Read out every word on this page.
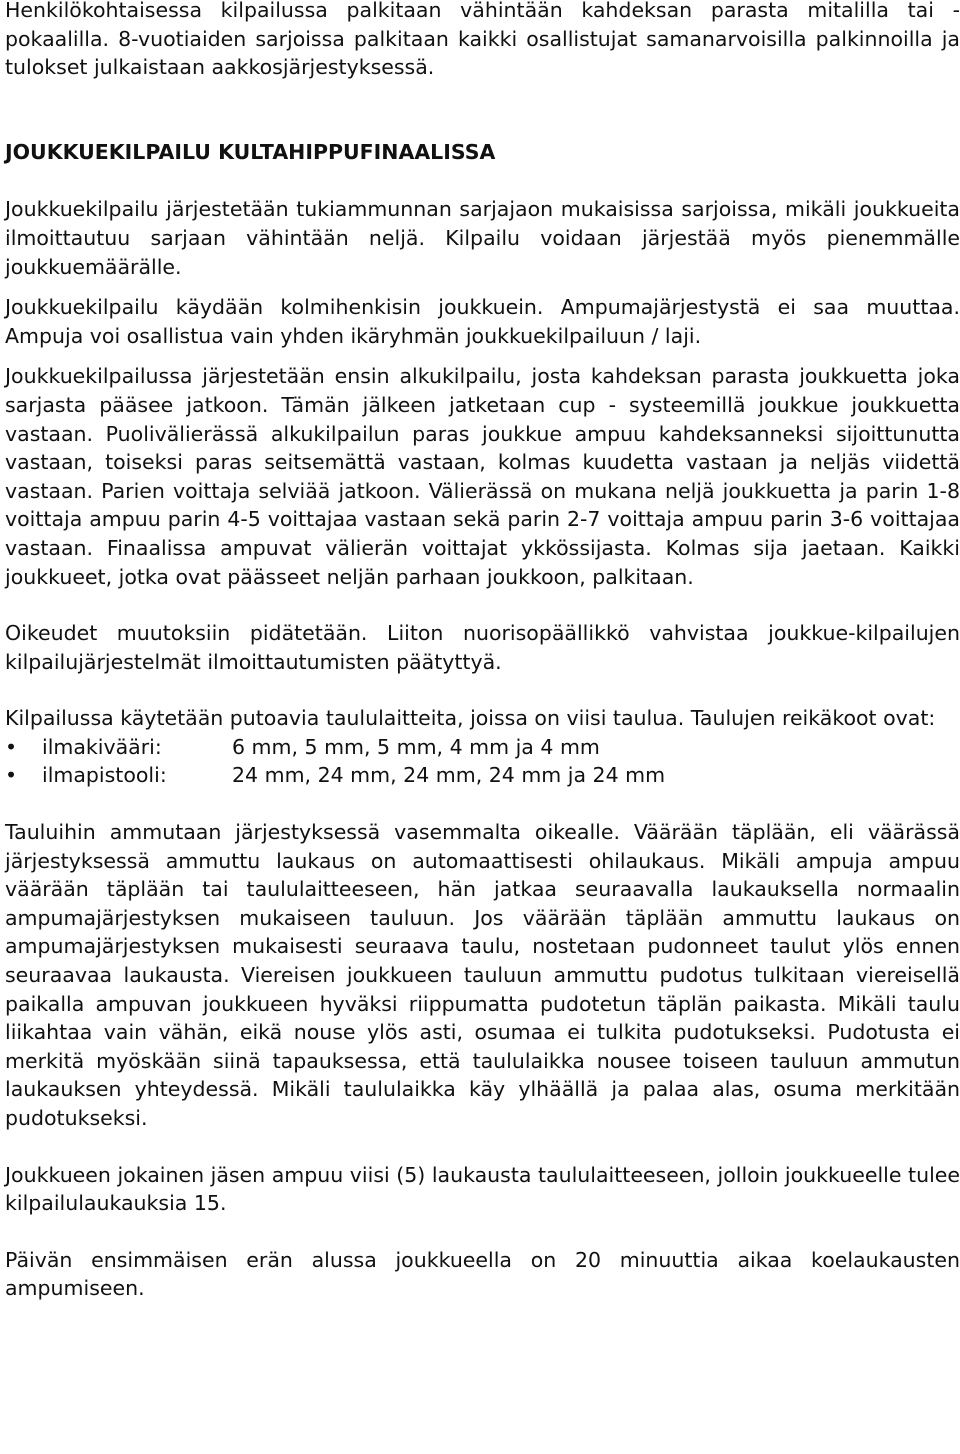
Henkilökohtaisessa kilpailussa palkitaan vähintään kahdeksan parasta mitalilla tai -pokaalilla. 8-vuotiaiden sarjoissa palkitaan kaikki osallistujat samanarvoisilla palkinnoilla ja tulokset julkaistaan aakkosjärjestyksessä.

JOUKKUEKILPAILU KULTAHIPPUFINAALISSA

Joukkuekilpailu järjestetään tukiammunnan sarjajaon mukaisissa sarjoissa, mikäli joukkueita ilmoittautuu sarjaan vähintään neljä. Kilpailu voidaan järjestää myös pienemmälle joukkuemäärälle.

Joukkuekilpailu käydään kolmihenkisin joukkuein. Ampumajärjestystä ei saa muuttaa. Ampuja voi osallistua vain yhden ikäryhmän joukkuekilpailuun / laji.

Joukkuekilpailussa järjestetään ensin alkukilpailu, josta kahdeksan parasta joukkuetta joka sarjasta pääsee jatkoon. Tämän jälkeen jatketaan cup - systeemillä joukkue joukkuetta vastaan. Puolivälierässä alkukilpailun paras joukkue ampuu kahdeksanneksi sijoittunutta vastaan, toiseksi paras seitsemättä vastaan, kolmas kuudetta vastaan ja neljäs viidettä vastaan. Parien voittaja selviää jatkoon. Välierässä on mukana neljä joukkuetta ja parin 1-8 voittaja ampuu parin 4-5 voittajaa vastaan sekä parin 2-7 voittaja ampuu parin 3-6 voittajaa vastaan. Finaalissa ampuvat välierän voittajat ykkössijasta. Kolmas sija jaetaan. Kaikki joukkueet, jotka ovat päässeet neljän parhaan joukkoon, palkitaan.

Oikeudet muutoksiin pidätetään. Liiton nuorisopäällikkö vahvistaa joukkue-kilpailujen kilpailujärjestelmät ilmoittautumisten päätyttyä.

Kilpailussa käytetään putoavia taululaitteita, joissa on viisi taulua. Taulujen reikäkoot ovat:

•	ilmakivääri:	6 mm, 5 mm, 5 mm, 4 mm ja 4 mm
•	ilmapistooli:	24 mm, 24 mm, 24 mm, 24 mm ja 24 mm

Tauluihin ammutaan järjestyksessä vasemmalta oikealle. Väärään täplään, eli väärässä järjestyksessä ammuttu laukaus on automaattisesti ohilaukaus. Mikäli ampuja ampuu väärään täplään tai taululaitteeseen, hän jatkaa seuraavalla laukauksella normaalin ampumajärjestyksen mukaiseen tauluun. Jos väärään täplään ammuttu laukaus on ampumajärjestyksen mukaisesti seuraava taulu, nostetaan pudonneet taulut ylös ennen seuraavaa laukausta. Viereisen joukkueen tauluun ammuttu pudotus tulkitaan viereisellä paikalla ampuvan joukkueen hyväksi riippumatta pudotetun täplän paikasta. Mikäli taulu liikahtaa vain vähän, eikä nouse ylös asti, osumaa ei tulkita pudotukseksi. Pudotusta ei merkitä myöskään siinä tapauksessa, että taululaikka nousee toiseen tauluun ammutun laukauksen yhteydessä. Mikäli taululaikka käy ylhäällä ja palaa alas, osuma merkitään pudotukseksi.

Joukkueen jokainen jäsen ampuu viisi (5) laukausta taululaitteeseen, jolloin joukkueelle tulee kilpailulaukauksia 15.

Päivän ensimmäisen erän alussa joukkueella on 20 minuuttia aikaa koelaukausten ampumiseen.
